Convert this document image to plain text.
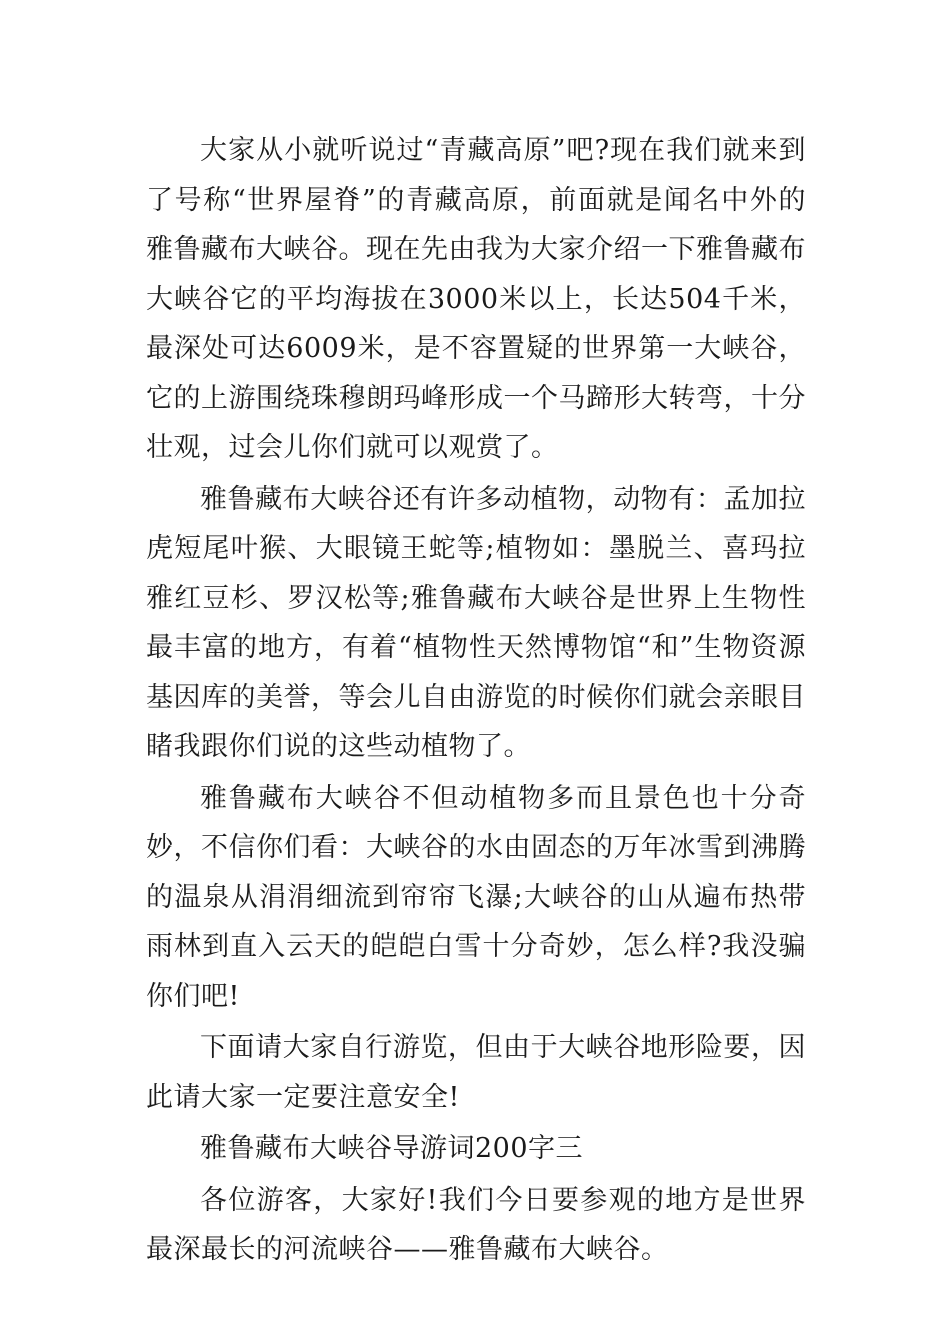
大家从小就听说过“青藏高原”吧?现在我们就来到了号称“世界屋脊”的青藏高原，前面就是闻名中外的雅鲁藏布大峡谷。现在先由我为大家介绍一下雅鲁藏布大峡谷它的平均海拔在3000米以上，长达504千米，最深处可达6009米，是不容置疑的世界第一大峡谷，它的上游围绕珠穆朗玛峰形成一个马蹄形大转弯，十分壮观，过会儿你们就可以观赏了。

雅鲁藏布大峡谷还有许多动植物，动物有：孟加拉虎短尾叶猴、大眼镜王蛇等;植物如：墨脱兰、喜玛拉雅红豆杉、罗汉松等;雅鲁藏布大峡谷是世界上生物性最丰富的地方，有着“植物性天然博物馆“和”生物资源基因库的美誉，等会儿自由游览的时候你们就会亲眼目睹我跟你们说的这些动植物了。

雅鲁藏布大峡谷不但动植物多而且景色也十分奇妙，不信你们看：大峡谷的水由固态的万年冰雪到沸腾的温泉从涓涓细流到帘帘飞瀑;大峡谷的山从遍布热带雨林到直入云天的皑皑白雪十分奇妙，怎么样?我没骗你们吧!

下面请大家自行游览，但由于大峡谷地形险要，因此请大家一定要注意安全!

雅鲁藏布大峡谷导游词200字三

各位游客，大家好!我们今日要参观的地方是世界最深最长的河流峡谷——雅鲁藏布大峡谷。
